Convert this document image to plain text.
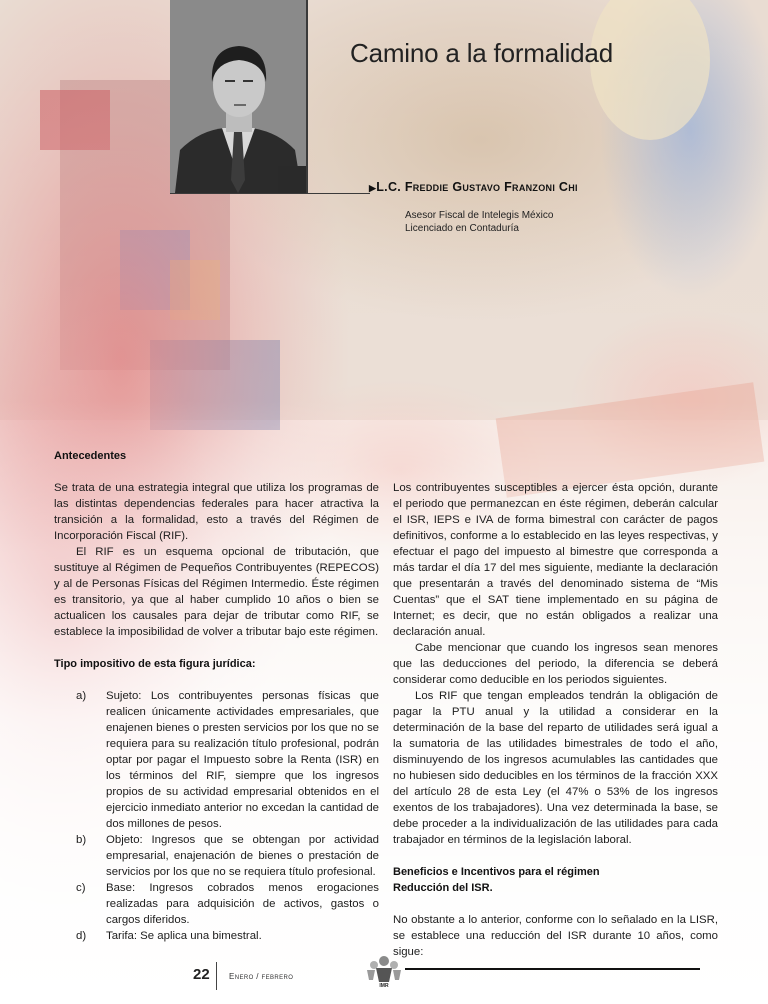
Camino a la formalidad
▶L.C. Freddie Gustavo Franzoni Chi
Asesor Fiscal de Intelegis México
Licenciado en Contaduría
Antecedentes

Se trata de una estrategia integral que utiliza los programas de las distintas dependencias federales para hacer atractiva la transición a la formalidad, esto a través del Régimen de Incorporación Fiscal (RIF).

El RIF es un esquema opcional de tributación, que sustituye al Régimen de Pequeños Contribuyentes (REPECOS) y al de Personas Físicas del Régimen Intermedio. Éste régimen es transitorio, ya que al haber cumplido 10 años o bien se actualicen los causales para dejar de tributar como RIF, se establece la imposibilidad de volver a tributar bajo este régimen.

Tipo impositivo de esta figura jurídica:
a) Sujeto: Los contribuyentes personas físicas que realicen únicamente actividades empresariales, que enajenen bienes o presten servicios por los que no se requiera para su realización título profesional, podrán optar por pagar el Impuesto sobre la Renta (ISR) en los términos del RIF, siempre que los ingresos propios de su actividad empresarial obtenidos en el ejercicio inmediato anterior no excedan la cantidad de dos millones de pesos.
b) Objeto: Ingresos que se obtengan por actividad empresarial, enajenación de bienes o prestación de servicios por los que no se requiera título profesional.
c) Base: Ingresos cobrados menos erogaciones realizadas para adquisición de activos, gastos o cargos diferidos.
d) Tarifa: Se aplica una bimestral.

Los contribuyentes susceptibles a ejercer ésta opción, durante el periodo que permanezcan en éste régimen, deberán calcular el ISR, IEPS e IVA de forma bimestral con carácter de pagos definitivos, conforme a lo establecido en las leyes respectivas, y efectuar el pago del impuesto al bimestre que corresponda a más tardar el día 17 del mes siguiente, mediante la declaración que presentarán a través del denominado sistema de “Mis Cuentas” que el SAT tiene implementado en su página de Internet; es decir, que no están obligados a realizar una declaración anual.

Cabe mencionar que cuando los ingresos sean menores que las deducciones del periodo, la diferencia se deberá considerar como deducible en los periodos siguientes.

Los RIF que tengan empleados tendrán la obligación de pagar la PTU anual y la utilidad a considerar en la determinación de la base del reparto de utilidades será igual a la sumatoria de las utilidades bimestrales de todo el año, disminuyendo de los ingresos acumulables las cantidades que no hubiesen sido deducibles en los términos de la fracción XXX del artículo 28 de esta Ley (el 47% o 53% de los ingresos exentos de los trabajadores). Una vez determinada la base, se debe proceder a la individualización de las utilidades para cada trabajador en términos de la legislación laboral.

Beneficios e Incentivos para el régimen
Reducción del ISR.

No obstante a lo anterior, conforme con lo señalado en la LISR, se establece una reducción del ISR durante 10 años, como sigue:

22 Enero / febrero
IMR
